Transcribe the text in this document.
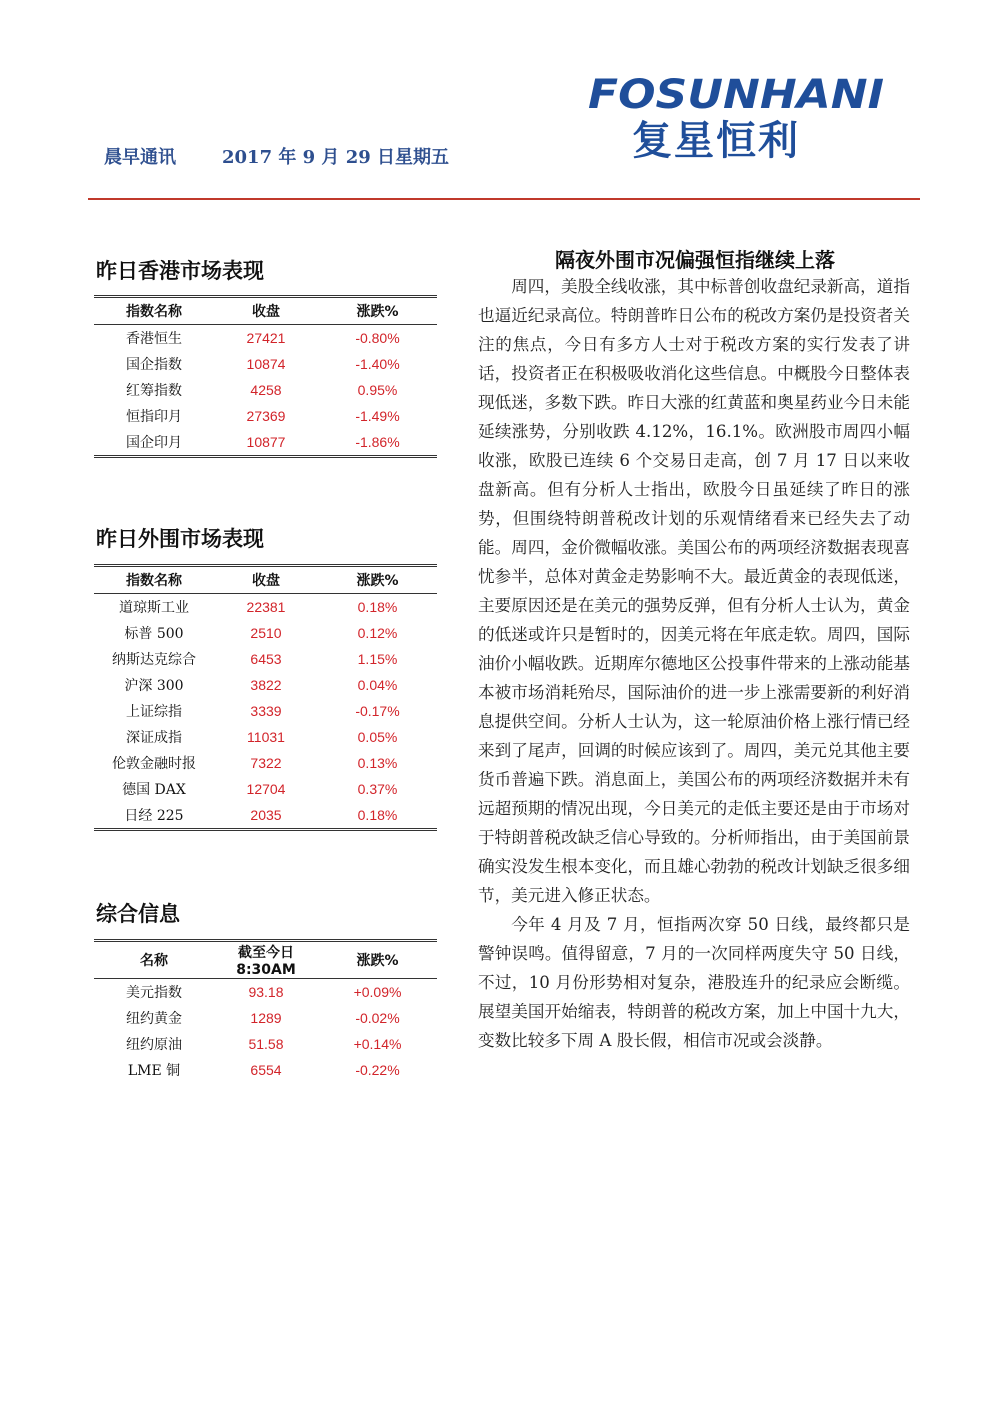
FOSUNHANI
复星恒利
晨早通讯	2017 年 9 月 29 日星期五
昨日香港市场表现
指数名称	收盘	涨跌%
香港恒生	27421	-0.80%
国企指数	10874	-1.40%
红筹指数	4258	0.95%
恒指印月	27369	-1.49%
国企印月	10877	-1.86%
昨日外围市场表现
指数名称	收盘	涨跌%
道琼斯工业	22381	0.18%
标普 500	2510	0.12%
纳斯达克综合	6453	1.15%
沪深 300	3822	0.04%
上证综指	3339	-0.17%
深证成指	11031	0.05%
伦敦金融时报	7322	0.13%
德国 DAX	12704	0.37%
日经 225	2035	0.18%
综合信息
名称	截至今日 8:30AM	涨跌%
美元指数	93.18	+0.09%
纽约黄金	1289	-0.02%
纽约原油	51.58	+0.14%
LME 铜	6554	-0.22%
隔夜外围市况偏强恒指继续上落

周四，美股全线收涨，其中标普创收盘纪录新高，道指也逼近纪录高位。特朗普昨日公布的税改方案仍是投资者关注的焦点，今日有多方人士对于税改方案的实行发表了讲话，投资者正在积极吸收消化这些信息。中概股今日整体表现低迷，多数下跌。昨日大涨的红黄蓝和奥星药业今日未能延续涨势，分别收跌 4.12%，16.1%。欧洲股市周四小幅收涨，欧股已连续 6 个交易日走高，创 7 月 17 日以来收盘新高。但有分析人士指出，欧股今日虽延续了昨日的涨势，但围绕特朗普税改计划的乐观情绪看来已经失去了动能。周四，金价微幅收涨。美国公布的两项经济数据表现喜忧参半，总体对黄金走势影响不大。最近黄金的表现低迷，主要原因还是在美元的强势反弹，但有分析人士认为，黄金的低迷或许只是暂时的，因美元将在年底走软。周四，国际油价小幅收跌。近期库尔德地区公投事件带来的上涨动能基本被市场消耗殆尽，国际油价的进一步上涨需要新的利好消息提供空间。分析人士认为，这一轮原油价格上涨行情已经来到了尾声，回调的时候应该到了。周四，美元兑其他主要货币普遍下跌。消息面上，美国公布的两项经济数据并未有远超预期的情况出现，今日美元的走低主要还是由于市场对于特朗普税改缺乏信心导致的。分析师指出，由于美国前景确实没发生根本变化，而且雄心勃勃的税改计划缺乏很多细节，美元进入修正状态。

今年 4 月及 7 月，恒指两次穿 50 日线，最终都只是警钟误鸣。值得留意，7 月的一次同样两度失守 50 日线，不过，10 月份形势相对复杂，港股连升的纪录应会断缆。展望美国开始缩表，特朗普的税改方案，加上中国十九大，变数比较多下周 A 股长假，相信市况或会淡静。
